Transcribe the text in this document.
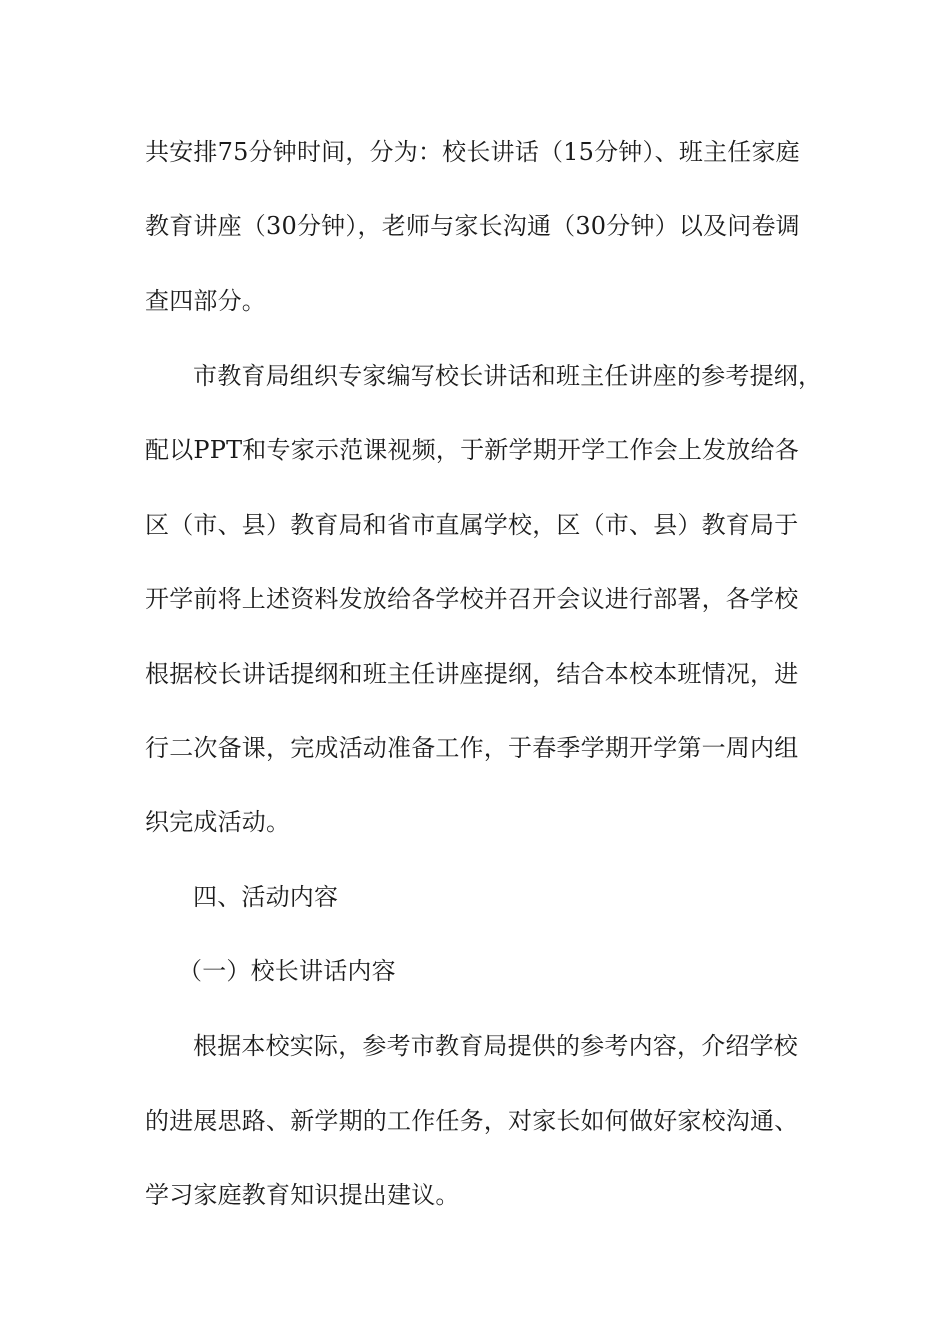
共安排75分钟时间，分为：校长讲话（15分钟）、班主任家庭
教育讲座（30分钟），老师与家长沟通（30分钟）以及问卷调
查四部分。
市教育局组织专家编写校长讲话和班主任讲座的参考提纲，
配以PPT和专家示范课视频，于新学期开学工作会上发放给各
区（市、县）教育局和省市直属学校，区（市、县）教育局于
开学前将上述资料发放给各学校并召开会议进行部署，各学校
根据校长讲话提纲和班主任讲座提纲，结合本校本班情况，进
行二次备课，完成活动准备工作，于春季学期开学第一周内组
织完成活动。
四、活动内容
（一）校长讲话内容
根据本校实际，参考市教育局提供的参考内容，介绍学校
的进展思路、新学期的工作任务，对家长如何做好家校沟通、
学习家庭教育知识提出建议。
